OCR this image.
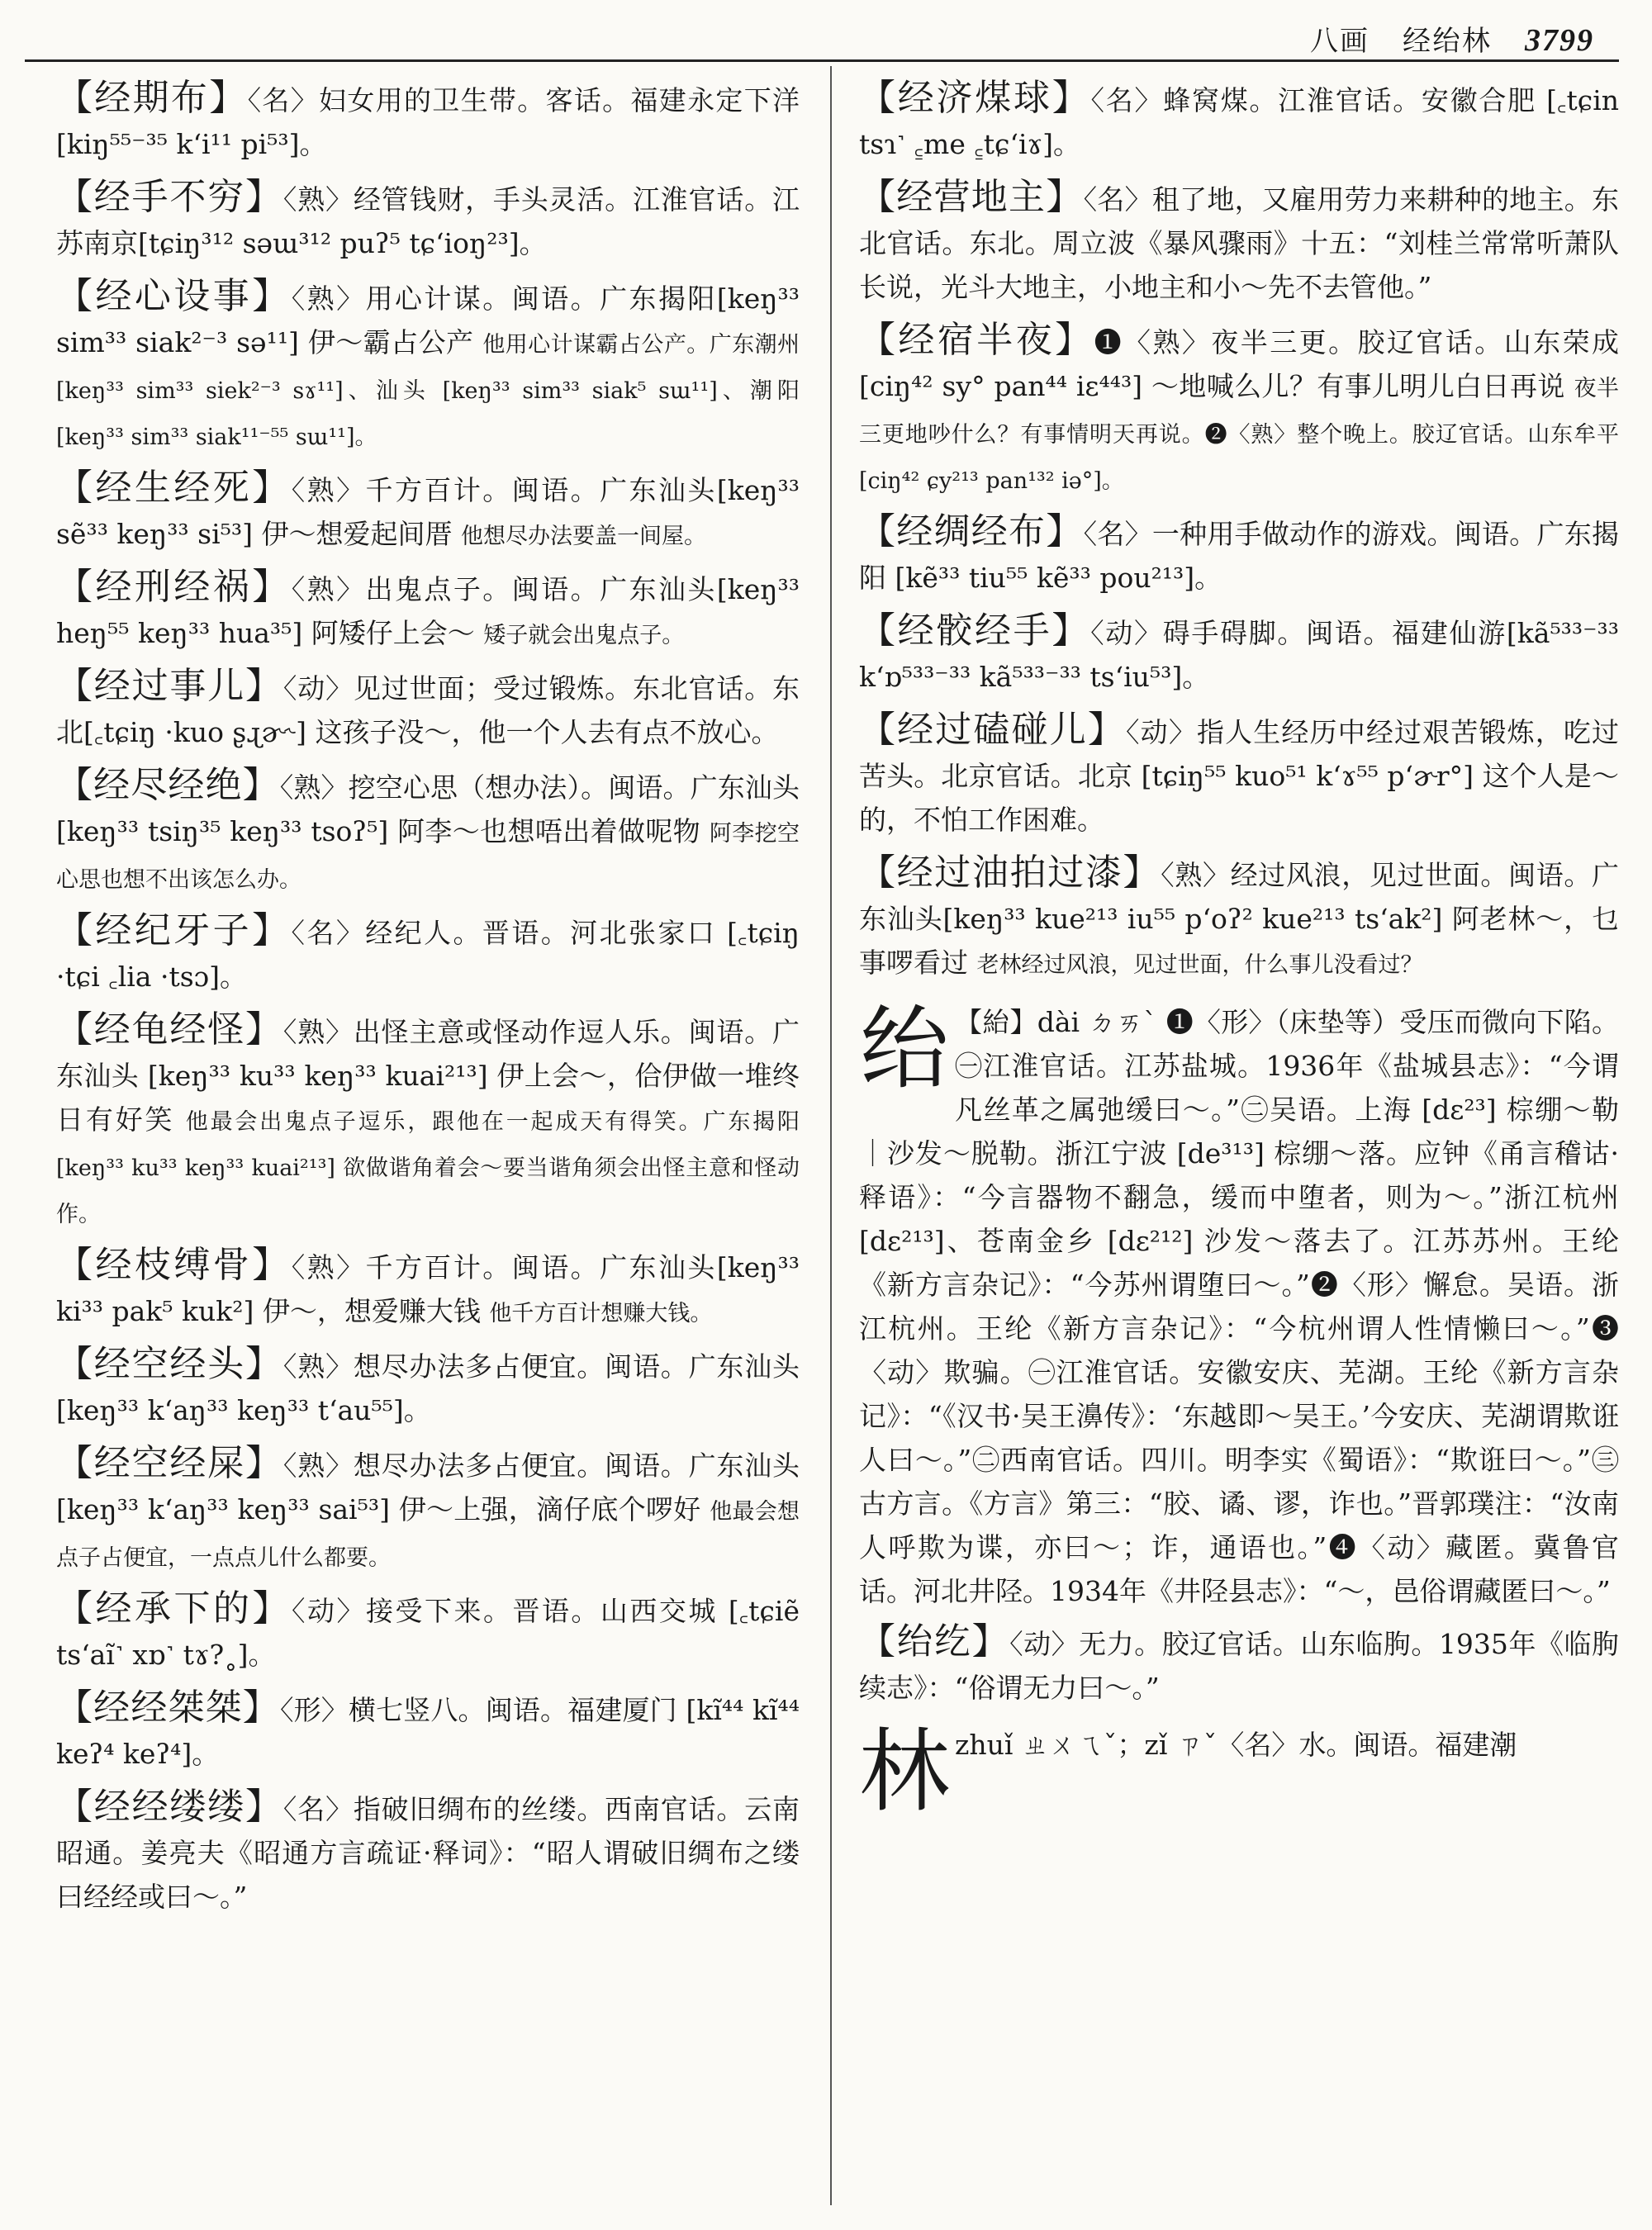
八画 经绐林 3799
【经期布】〈名〉妇女用的卫生带。客话。福建永定下洋 [kiŋ⁵⁵⁻³⁵ k‘i¹¹ pi⁵³]。
【经手不穷】〈熟〉经管钱财，手头灵活。江淮官话。江苏南京[tɕiŋ³¹² səɯ³¹² puʔ⁵ tɕ‘ioŋ²³]。
【经心设事】〈熟〉用心计谋。闽语。广东揭阳[keŋ³³ sim³³ siak²⁻³ sə¹¹] 伊～霸占公产 他用心计谋霸占公产。广东潮州 [keŋ³³ sim³³ siek²⁻³ sɤ¹¹]、汕头 [keŋ³³ sim³³ siak⁵ sɯ¹¹]、潮阳 [keŋ³³ sim³³ siak¹¹⁻⁵⁵ sɯ¹¹]。
【经生经死】〈熟〉千方百计。闽语。广东汕头[keŋ³³ sẽ³³ keŋ³³ si⁵³] 伊～想爱起间厝 他想尽办法要盖一间屋。
【经刑经祸】〈熟〉出鬼点子。闽语。广东汕头[keŋ³³ heŋ⁵⁵ keŋ³³ hua³⁵] 阿矮仔上会～ 矮子就会出鬼点子。
【经过事儿】〈动〉见过世面；受过锻炼。东北官话。东北[꜀tɕiŋ ·kuo ʂɻɚ˞] 这孩子没～，他一个人去有点不放心。
【经尽经绝】〈熟〉挖空心思（想办法）。闽语。广东汕头 [keŋ³³ tsiŋ³⁵ keŋ³³ tsoʔ⁵] 阿李～也想唔出着做呢物 阿李挖空心思也想不出该怎么办。
【经纪牙子】〈名〉经纪人。晋语。河北张家口 [꜀tɕiŋ ·tɕi ꜀lia ·tsɔ]。
【经龟经怪】〈熟〉出怪主意或怪动作逗人乐。闽语。广东汕头 [keŋ³³ ku³³ keŋ³³ kuai²¹³] 伊上会～，佮伊做一堆终日有好笑 他最会出鬼点子逗乐，跟他在一起成天有得笑。广东揭阳 [keŋ³³ ku³³ keŋ³³ kuai²¹³] 欲做谐角着会～要当谐角须会出怪主意和怪动作。
【经枝缚骨】〈熟〉千方百计。闽语。广东汕头[keŋ³³ ki³³ pak⁵ kuk²] 伊～，想爱赚大钱 他千方百计想赚大钱。
【经空经头】〈熟〉想尽办法多占便宜。闽语。广东汕头 [keŋ³³ k‘aŋ³³ keŋ³³ t‘au⁵⁵]。
【经空经屎】〈熟〉想尽办法多占便宜。闽语。广东汕头 [keŋ³³ k‘aŋ³³ keŋ³³ sai⁵³] 伊～上强，滴仔底个啰好 他最会想点子占便宜，一点点儿什么都要。
【经承下的】〈动〉接受下来。晋语。山西交城 [꜀tɕiẽ ts‘aĩ˺ xɒ˺ tɤ?˳]。
【经经桀桀】〈形〉横七竖八。闽语。福建厦门 [kĩ⁴⁴ kĩ⁴⁴ keʔ⁴ keʔ⁴]。
【经经缕缕】〈名〉指破旧绸布的丝缕。西南官话。云南昭通。姜亮夫《昭通方言疏证·释词》：“昭人谓破旧绸布之缕曰经经或曰～。”
【经济煤球】〈名〉蜂窝煤。江淮官话。安徽合肥 [꜀tɕin tsɿ˺ ꜁me ꜁tɕ‘iɤ]。
【经营地主】〈名〉租了地，又雇用劳力来耕种的地主。东北官话。东北。周立波《暴风骤雨》十五：“刘桂兰常常听萧队长说，光斗大地主，小地主和小～先不去管他。”
【经宿半夜】❶〈熟〉夜半三更。胶辽官话。山东荣成 [ciŋ⁴² sy° pan⁴⁴ iɛ⁴⁴³] ～地喊么儿？有事儿明儿白日再说 夜半三更地吵什么？有事情明天再说。❷〈熟〉整个晚上。胶辽官话。山东牟平 [ciŋ⁴² ɕy²¹³ pan¹³² iə°]。
【经绸经布】〈名〉一种用手做动作的游戏。闽语。广东揭阳 [kẽ³³ tiu⁵⁵ kẽ³³ pou²¹³]。
【经骹经手】〈动〉碍手碍脚。闽语。福建仙游[kã⁵³³⁻³³ k‘ɒ⁵³³⁻³³ kã⁵³³⁻³³ ts‘iu⁵³]。
【经过磕碰儿】〈动〉指人生经历中经过艰苦锻炼，吃过苦头。北京官话。北京 [tɕiŋ⁵⁵ kuo⁵¹ k‘ɤ⁵⁵ p‘ɚr°] 这个人是～的，不怕工作困难。
【经过油拍过漆】〈熟〉经过风浪，见过世面。闽语。广东汕头[keŋ³³ kue²¹³ iu⁵⁵ p‘oʔ² kue²¹³ ts‘ak²] 阿老林～，乜事啰看过 老林经过风浪，见过世面，什么事儿没看过？
绐 【紿】dài ㄉㄞˋ ❶〈形〉（床垫等）受压而微向下陷。㊀江淮官话。江苏盐城。1936年《盐城县志》：“今谓凡丝革之属弛缓曰～。”㊁吴语。上海 [dɛ²³] 棕绷～勒｜沙发～脱勒。浙江宁波 [de³¹³] 棕绷～落。应钟《甬言稽诂·释语》：“今言器物不翻急，缓而中堕者，则为～。”浙江杭州 [dɛ²¹³]、苍南金乡 [dɛ²¹²] 沙发～落去了。江苏苏州。王纶《新方言杂记》：“今苏州谓堕曰～。”❷〈形〉懈怠。吴语。浙江杭州。王纶《新方言杂记》：“今杭州谓人性情懒曰～。”❸〈动〉欺骗。㊀江淮官话。安徽安庆、芜湖。王纶《新方言杂记》：“《汉书·吴王濞传》：‘东越即～吴王。’今安庆、芜湖谓欺诳人曰～。”㊁西南官话。四川。明李实《蜀语》：“欺诳曰～。”㊂古方言。《方言》第三：“胶、谲、谬，诈也。”晋郭璞注：“汝南人呼欺为谍，亦曰～；诈，通语也。”❹〈动〉藏匿。冀鲁官话。河北井陉。1934年《井陉县志》：“～，邑俗谓藏匿曰～。”
【绐纥】〈动〉无力。胶辽官话。山东临朐。1935年《临朐续志》：“俗谓无力曰～。”
林 zhuǐ ㄓㄨㄟˇ；zǐ ㄗˇ〈名〉水。闽语。福建潮
